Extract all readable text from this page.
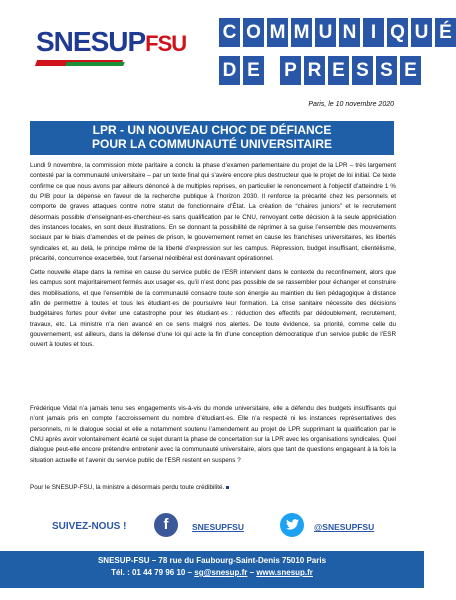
SNESUPFSU C O M M U N I Q U É
D E P R E S S E
Paris, le 10 novembre 2020
LPR - UN NOUVEAU CHOC DE DÉFIANCE
POUR LA COMMUNAUTÉ UNIVERSITAIRE
Lundi 9 novembre, la commission mixte paritaire a conclu la phase d’examen parlementaire du projet de la LPR – très largement contesté par la communauté universitaire – par un texte final qui s’avère encore plus destructeur que le projet de loi initial. Ce texte confirme ce que nous avons par ailleurs dénoncé à de multiples reprises, en particulier le renoncement à l’objectif d’atteindre 1 % du PIB pour la dépense en faveur de la recherche publique à l’horizon 2030. Il renforce la précarité chez les personnels et comporte de graves attaques contre notre statut de fonctionnaire d’État. La création de “chaires juniors” et le recrutement désormais possible d’enseignant-es-chercheur-es sans qualification par le CNU, renvoyant cette décision à la seule appréciation des instances locales, en sont deux illustrations. En se donnant la possibilité de réprimer à sa guise l’ensemble des mouvements sociaux par le biais d’amendes et de peines de prison, le gouvernement remet en cause les franchises universitaires, les libertés syndicales et, au delà, le principe même de la liberté d’expression sur les campus. Répression, budget insuffisant, clientélisme, précarité, concurrence exacerbée, tout l’arsenal néolibéral est dorénavant opérationnel.
Cette nouvelle étape dans la remise en cause du service public de l’ESR intervient dans le contexte du reconfinement, alors que les campus sont majoritairement fermés aux usager·es, qu’il n’est donc pas possible de se rassembler pour échanger et construire des mobilisations, et que l’ensemble de la communauté consacre toute son énergie au maintien du lien pédagogique à distance afin de permettre à toutes et tous les étudiant·es de poursuivre leur formation. La crise sanitaire nécessite des décisions budgétaires fortes pour éviter une catastrophe pour les étudiant·es : réduction des effectifs par dédoublement, recrutement, travaux, etc. La ministre n’a rien avancé en ce sens malgré nos alertes. De toute évidence, sa priorité, comme celle du gouvernement, est ailleurs, dans la défense d’une loi qui acte la fin d’une conception démocratique d’un service public de l’ESR ouvert à toutes et tous.
Frédérique Vidal n’a jamais tenu ses engagements vis-à-vis du monde universitaire, elle a défendu des budgets insuffisants qui n’ont jamais pris en compte l’accroissement du nombre d’étudiant·es. Elle n’a respecté ni les instances représentatives des personnels, ni le dialogue social et elle a notamment soutenu l’amendement au projet de LPR supprimant la qualification par le CNU après avoir volontairement écarté ce sujet durant la phase de concertation sur la LPR avec les organisations syndicales. Quel dialogue peut-elle encore prétendre entretenir avec la communauté universitaire, alors que tant de questions engageant à la fois la situation actuelle et l’avenir du service public de l’ESR restent en suspens ?
Pour le SNESUP-FSU, la ministre a désormais perdu toute crédibilité.
SUIVEZ-NOUS !	f	SNESUPFSU	@SNESUPFSU
SNESUP-FSU – 78 rue du Faubourg-Saint-Denis 75010 Paris
Tél. : 01 44 79 96 10 – sg@snesup.fr – www.snesup.fr
